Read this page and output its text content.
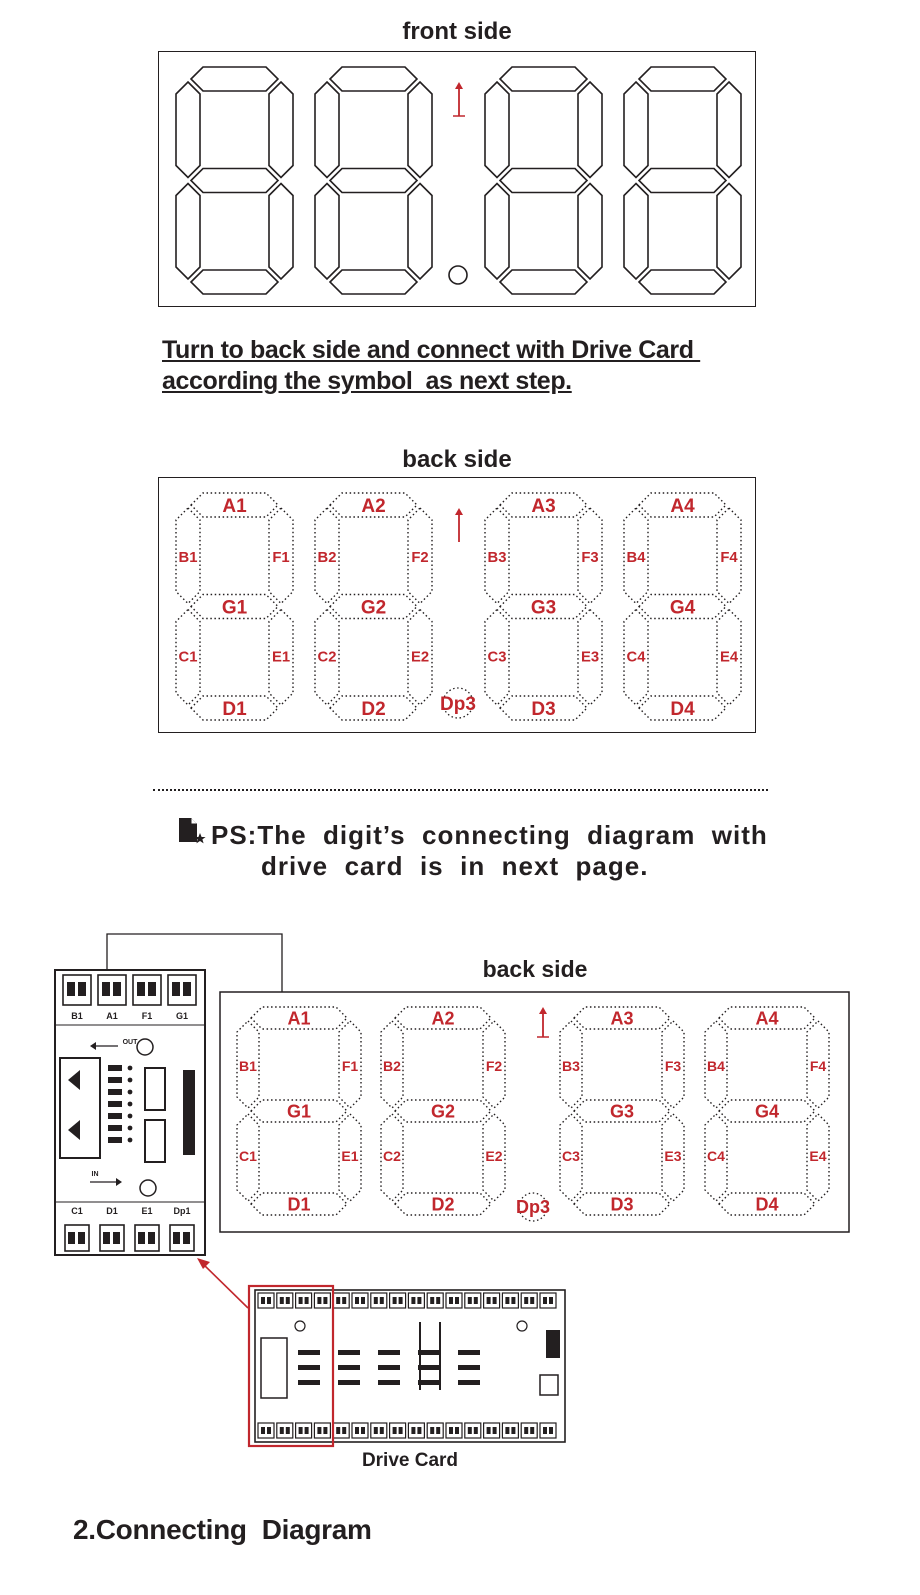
front side
Turn to back side and connect with Drive Card
according the symbol  as next step.
back side
A1
G1
D1
B1	F1
C1	E1
A2
G2
D2
B2	F2
C2	E2
A3
G3
D3
B3	F3
C3	E3
A4
G4
D4
B4	F4
C4	E4
Dp3
PS:The  digit’s  connecting  diagram  with
drive  card  is  in  next  page.
A1
G1
D1
B1	F1
C1	E1
A2
G2
D2
B2	F2
C2	E2
A3
G3
D3
B3	F3
C3	E3
A4
G4
D4
B4	F4
C4	E4
Dp3
B1
C1
A1
D1
F1
E1
G1
Dp1
OUT
IN
back side
Drive Card
2.Connecting  Diagram
